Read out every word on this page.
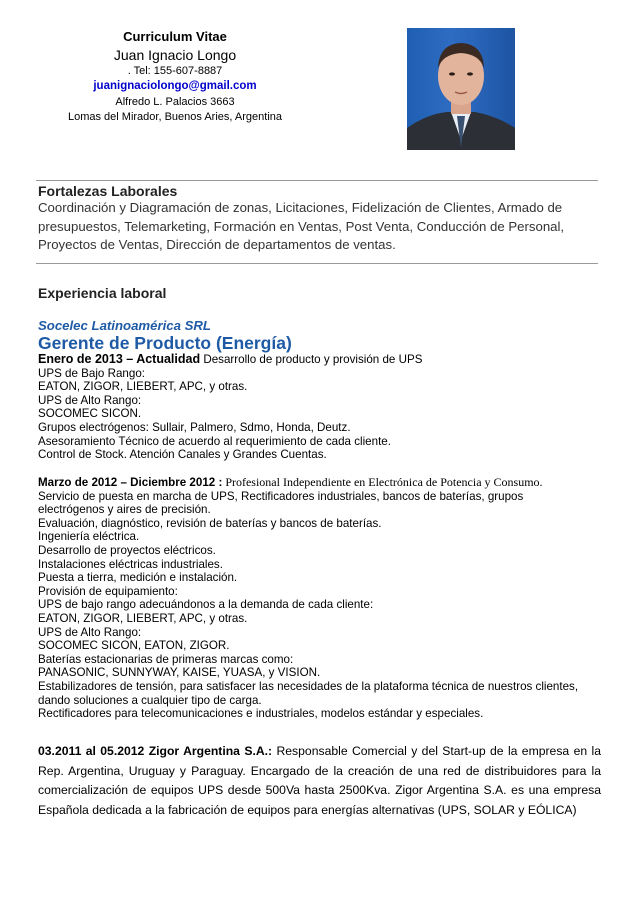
Curriculum Vitae
Juan Ignacio Longo
. Tel: 155-607-8887
juanignaciolongo@gmail.com
Alfredo L. Palacios 3663
Lomas del Mirador, Buenos Aries, Argentina
Fortalezas Laborales
Coordinación y Diagramación de zonas, Licitaciones, Fidelización de Clientes, Armado de
presupuestos, Telemarketing, Formación en Ventas, Post Venta, Conducción de Personal,
Proyectos de Ventas, Dirección de departamentos de ventas.
Experiencia laboral
Socelec Latinoamérica SRL
Gerente de Producto (Energía)
Enero de 2013 – Actualidad Desarrollo de producto y provisión de UPS
UPS de Bajo Rango:
EATON, ZIGOR, LIEBERT, APC, y otras.
UPS de Alto Rango:
SOCOMEC SICON.
Grupos electrógenos: Sullair, Palmero, Sdmo, Honda, Deutz.
Asesoramiento Técnico de acuerdo al requerimiento de cada cliente.
Control de Stock. Atención Canales y Grandes Cuentas.
Marzo de 2012 – Diciembre 2012 : Profesional Independiente en Electrónica de Potencia y Consumo.
Servicio de puesta en marcha de UPS, Rectificadores industriales, bancos de baterías, grupos
electrógenos y aires de precisión.
Evaluación, diagnóstico, revisión de baterías y bancos de baterías.
Ingeniería eléctrica.
Desarrollo de proyectos eléctricos.
Instalaciones eléctricas industriales.
Puesta a tierra, medición e instalación.
Provisión de equipamiento:
UPS de bajo rango adecuándonos a la demanda de cada cliente:
EATON, ZIGOR, LIEBERT, APC, y otras.
UPS de Alto Rango:
SOCOMEC SICON, EATON, ZIGOR.
Baterías estacionarias de primeras marcas como:
PANASONIC, SUNNYWAY, KAISE, YUASA, y VISION.
Estabilizadores de tensión, para satisfacer las necesidades de la plataforma técnica de nuestros clientes,
dando soluciones a cualquier tipo de carga.
Rectificadores para telecomunicaciones e industriales, modelos estándar y especiales.
03.2011 al 05.2012 Zigor Argentina S.A.: Responsable Comercial y del Start-up de la empresa en la Rep. Argentina, Uruguay y Paraguay. Encargado de la creación de una red de distribuidores para la comercialización de equipos UPS desde 500Va hasta 2500Kva. Zigor Argentina S.A. es una empresa Española dedicada a la fabricación de equipos para energías alternativas (UPS, SOLAR y EÓLICA)
